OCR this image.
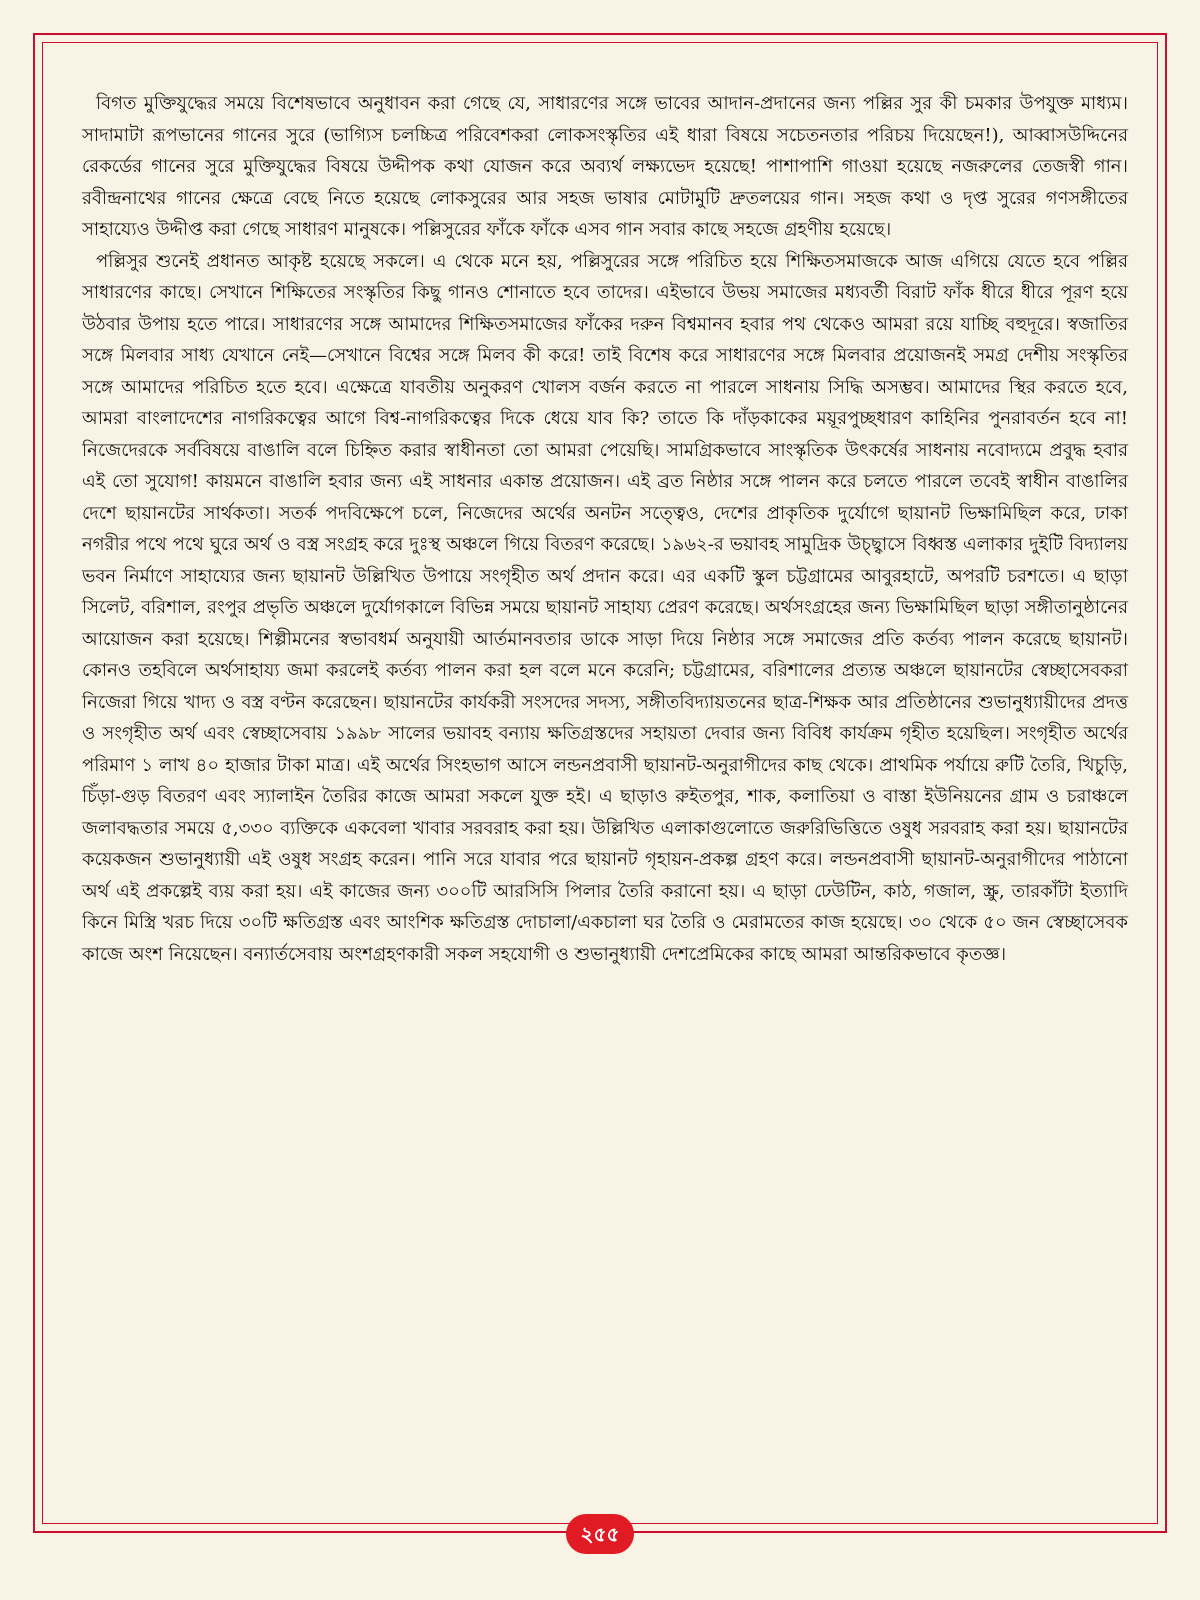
বিগত মুক্তিযুদ্ধের সময়ে বিশেষভাবে অনুধাবন করা গেছে যে, সাধারণের সঙ্গে ভাবের আদান-প্রদানের জন্য পল্লির সুর কী চমকার উপযুক্ত মাধ্যম। সাদামাটা রূপভানের গানের সুরে (ভাগ্যিস চলচ্চিত্র পরিবেশকরা লোকসংস্কৃতির এই ধারা বিষয়ে সচেতনতার পরিচয় দিয়েছেন!), আব্বাসউদ্দিনের রেকর্ডের গানের সুরে মুক্তিযুদ্ধের বিষয়ে উদ্দীপক কথা যোজন করে অব্যর্থ লক্ষ্যভেদ হয়েছে! পাশাপাশি গাওয়া হয়েছে নজরুলের তেজস্বী গান। রবীন্দ্রনাথের গানের ক্ষেত্রে বেছে নিতে হয়েছে লোকসুরের আর সহজ ভাষার মোটামুটি দ্রুতলয়ের গান। সহজ কথা ও দৃপ্ত সুরের গণসঙ্গীতের সাহায্যেও উদ্দীপ্ত করা গেছে সাধারণ মানুষকে। পল্লিসুরের ফাঁকে ফাঁকে এসব গান সবার কাছে সহজে গ্রহণীয় হয়েছে।

পল্লিসুর শুনেই প্রধানত আকৃষ্ট হয়েছে সকলে। এ থেকে মনে হয়, পল্লিসুরের সঙ্গে পরিচিত হয়ে শিক্ষিতসমাজকে আজ এগিয়ে যেতে হবে পল্লির সাধারণের কাছে। সেখানে শিক্ষিতের সংস্কৃতির কিছু গানও শোনাতে হবে তাদের। এইভাবে উভয় সমাজের মধ্যবর্তী বিরাট ফাঁক ধীরে ধীরে পূরণ হয়ে উঠবার উপায় হতে পারে। সাধারণের সঙ্গে আমাদের শিক্ষিতসমাজের ফাঁকের দরুন বিশ্বমানব হবার পথ থেকেও আমরা রয়ে যাচ্ছি বহুদূরে। স্বজাতির সঙ্গে মিলবার সাধ্য যেখানে নেই—সেখানে বিশ্বের সঙ্গে মিলব কী করে! তাই বিশেষ করে সাধারণের সঙ্গে মিলবার প্রয়োজনই সমগ্র দেশীয় সংস্কৃতির সঙ্গে আমাদের পরিচিত হতে হবে। এক্ষেত্রে যাবতীয় অনুকরণ খোলস বর্জন করতে না পারলে সাধনায় সিদ্ধি অসম্ভব। আমাদের স্থির করতে হবে, আমরা বাংলাদেশের নাগরিকত্বের আগে বিশ্ব-নাগরিকত্বের দিকে ধেয়ে যাব কি? তাতে কি দাঁড়কাকের ময়ূরপুচ্ছধারণ কাহিনির পুনরাবর্তন হবে না! নিজেদেরকে সর্ববিষয়ে বাঙালি বলে চিহ্নিত করার স্বাধীনতা তো আমরা পেয়েছি। সামগ্রিকভাবে সাংস্কৃতিক উৎকর্ষের সাধনায় নবোদ্যমে প্রবুদ্ধ হবার এই তো সুযোগ! কায়মনে বাঙালি হবার জন্য এই সাধনার একান্ত প্রয়োজন। এই ব্রত নিষ্ঠার সঙ্গে পালন করে চলতে পারলে তবেই স্বাধীন বাঙালির দেশে ছায়ানটের সার্থকতা। সতর্ক পদবিক্ষেপে চলে, নিজেদের অর্থের অনটন সত্ত্বেও, দেশের প্রাকৃতিক দুর্যোগে ছায়ানট ভিক্ষামিছিল করে, ঢাকা নগরীর পথে পথে ঘুরে অর্থ ও বস্ত্র সংগ্রহ করে দুঃস্থ অঞ্চলে গিয়ে বিতরণ করেছে। ১৯৬২-র ভয়াবহ সামুদ্রিক উচ্ছ্বাসে বিধ্বস্ত এলাকার দুইটি বিদ্যালয় ভবন নির্মাণে সাহায্যের জন্য ছায়ানট উল্লিখিত উপায়ে সংগৃহীত অর্থ প্রদান করে। এর একটি স্কুল চট্টগ্রামের আবুরহাটে, অপরটি চরশতে। এ ছাড়া সিলেট, বরিশাল, রংপুর প্রভৃতি অঞ্চলে দুর্যোগকালে বিভিন্ন সময়ে ছায়ানট সাহায্য প্রেরণ করেছে। অর্থসংগ্রহের জন্য ভিক্ষামিছিল ছাড়া সঙ্গীতানুষ্ঠানের আয়োজন করা হয়েছে। শিল্পীমনের স্বভাবধর্ম অনুযায়ী আর্তমানবতার ডাকে সাড়া দিয়ে নিষ্ঠার সঙ্গে সমাজের প্রতি কর্তব্য পালন করেছে ছায়ানট। কোনও তহবিলে অর্থসাহায্য জমা করলেই কর্তব্য পালন করা হল বলে মনে করেনি; চট্টগ্রামের, বরিশালের প্রত্যন্ত অঞ্চলে ছায়ানটের স্বেচ্ছাসেবকরা নিজেরা গিয়ে খাদ্য ও বস্ত্র বণ্টন করেছেন। ছায়ানটের কার্যকরী সংসদের সদস্য, সঙ্গীতবিদ্যায়তনের ছাত্র-শিক্ষক আর প্রতিষ্ঠানের শুভানুধ্যায়ীদের প্রদত্ত ও সংগৃহীত অর্থ এবং স্বেচ্ছাসেবায় ১৯৯৮ সালের ভয়াবহ বন্যায় ক্ষতিগ্রস্তদের সহায়তা দেবার জন্য বিবিধ কার্যক্রম গৃহীত হয়েছিল। সংগৃহীত অর্থের পরিমাণ ১ লাখ ৪০ হাজার টাকা মাত্র। এই অর্থের সিংহভাগ আসে লন্ডনপ্রবাসী ছায়ানট-অনুরাগীদের কাছ থেকে। প্রাথমিক পর্যায়ে রুটি তৈরি, খিচুড়ি, চিঁড়া-গুড় বিতরণ এবং স্যালাইন তৈরির কাজে আমরা সকলে যুক্ত হই। এ ছাড়াও রুইতপুর, শাক, কলাতিয়া ও বাস্তা ইউনিয়নের গ্রাম ও চরাঞ্চলে জলাবদ্ধতার সময়ে ৫,৩৩০ ব্যক্তিকে একবেলা খাবার সরবরাহ করা হয়। উল্লিখিত এলাকাগুলোতে জরুরিভিত্তিতে ওষুধ সরবরাহ করা হয়। ছায়ানটের কয়েকজন শুভানুধ্যায়ী এই ওষুধ সংগ্রহ করেন। পানি সরে যাবার পরে ছায়ানট গৃহায়ন-প্রকল্প গ্রহণ করে। লন্ডনপ্রবাসী ছায়ানট-অনুরাগীদের পাঠানো অর্থ এই প্রকল্পেই ব্যয় করা হয়। এই কাজের জন্য ৩০০টি আরসিসি পিলার তৈরি করানো হয়। এ ছাড়া ঢেউটিন, কাঠ, গজাল, স্ক্রু, তারকাঁটা ইত্যাদি কিনে মিস্ত্রি খরচ দিয়ে ৩০টি ক্ষতিগ্রস্ত এবং আংশিক ক্ষতিগ্রস্ত দোচালা/একচালা ঘর তৈরি ও মেরামতের কাজ হয়েছে। ৩০ থেকে ৫০ জন স্বেচ্ছাসেবক কাজে অংশ নিয়েছেন। বন্যার্তসেবায় অংশগ্রহণকারী সকল সহযোগী ও শুভানুধ্যায়ী দেশপ্রেমিকের কাছে আমরা আন্তরিকভাবে কৃতজ্ঞ।

২৫৫
